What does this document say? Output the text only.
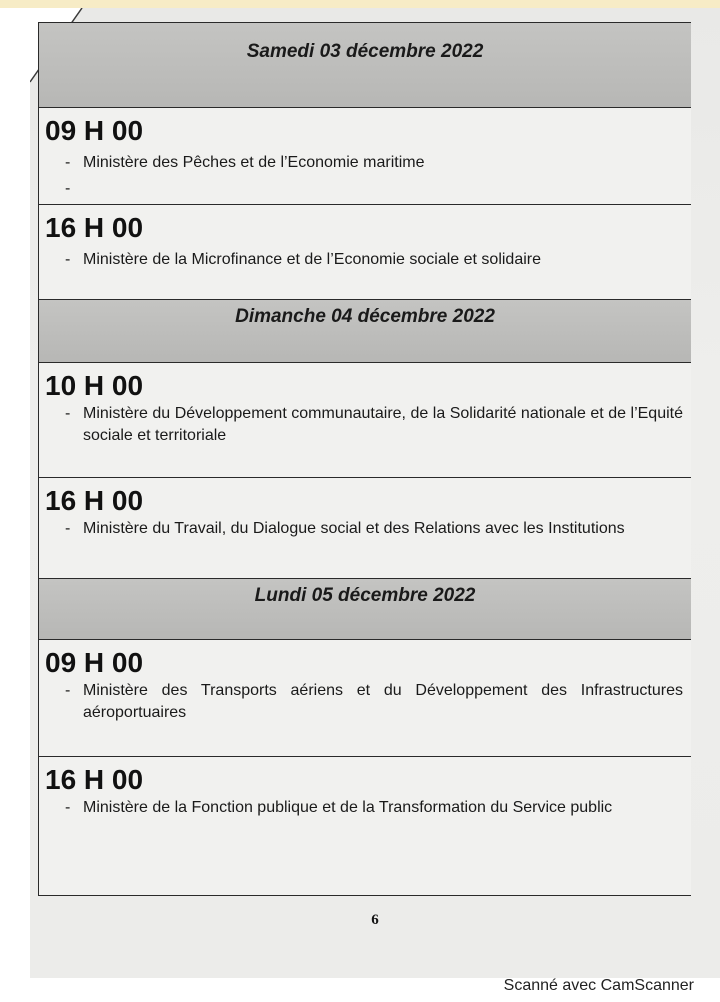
Samedi 03 décembre 2022
09 H 00
- Ministère des Pêches et de l’Economie maritime
-
16 H 00
- Ministère de la Microfinance et de l’Economie sociale et solidaire
Dimanche 04 décembre 2022
10 H 00
- Ministère du Développement communautaire, de la Solidarité nationale et de l’Equité sociale et territoriale
16 H 00
- Ministère du Travail, du Dialogue social et des Relations avec les Institutions
Lundi 05 décembre 2022
09 H 00
- Ministère des Transports aériens et du Développement des Infrastructures aéroportuaires
16 H 00
- Ministère de la Fonction publique et de la Transformation du Service public
6
Scanné avec CamScanner
